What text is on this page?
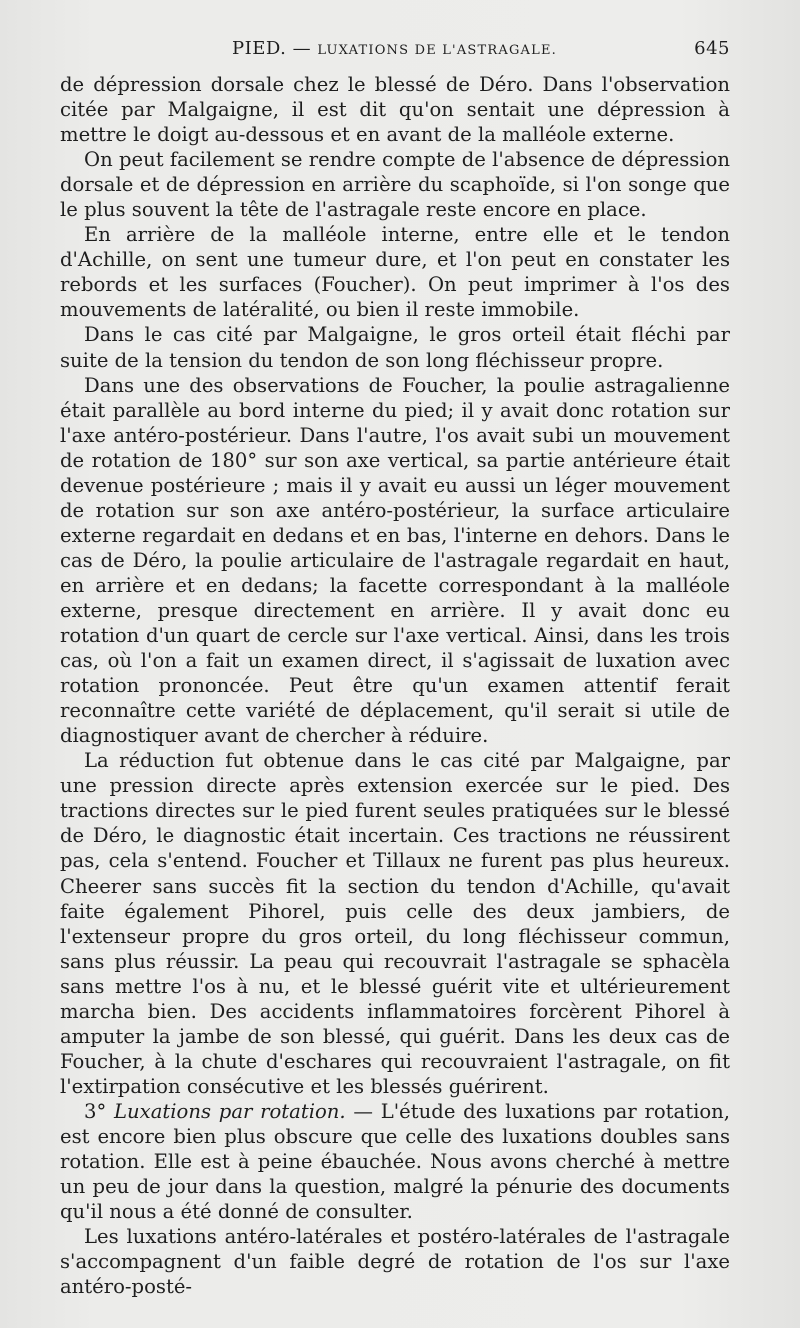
PIED. — LUXATIONS DE L'ASTRAGALE.	645

de dépression dorsale chez le blessé de Déro. Dans l'observation citée par Malgaigne, il est dit qu'on sentait une dépression à mettre le doigt au-dessous et en avant de la malléole externe.

On peut facilement se rendre compte de l'absence de dépression dorsale et de dépression en arrière du scaphoïde, si l'on songe que le plus souvent la tête de l'astragale reste encore en place.

En arrière de la malléole interne, entre elle et le tendon d'Achille, on sent une tumeur dure, et l'on peut en constater les rebords et les surfaces (Foucher). On peut imprimer à l'os des mouvements de latéralité, ou bien il reste immobile.

Dans le cas cité par Malgaigne, le gros orteil était fléchi par suite de la tension du tendon de son long fléchisseur propre.

Dans une des observations de Foucher, la poulie astragalienne était parallèle au bord interne du pied; il y avait donc rotation sur l'axe antéro-postérieur. Dans l'autre, l'os avait subi un mouvement de rotation de 180° sur son axe vertical, sa partie antérieure était devenue postérieure ; mais il y avait eu aussi un léger mouvement de rotation sur son axe antéro-postérieur, la surface articulaire externe regardait en dedans et en bas, l'interne en dehors. Dans le cas de Déro, la poulie articulaire de l'astragale regardait en haut, en arrière et en dedans; la facette correspondant à la malléole externe, presque directement en arrière. Il y avait donc eu rotation d'un quart de cercle sur l'axe vertical. Ainsi, dans les trois cas, où l'on a fait un examen direct, il s'agissait de luxation avec rotation prononcée. Peut être qu'un examen attentif ferait reconnaître cette variété de déplacement, qu'il serait si utile de diagnostiquer avant de chercher à réduire.

La réduction fut obtenue dans le cas cité par Malgaigne, par une pression directe après extension exercée sur le pied. Des tractions directes sur le pied furent seules pratiquées sur le blessé de Déro, le diagnostic était incertain. Ces tractions ne réussirent pas, cela s'entend. Foucher et Tillaux ne furent pas plus heureux. Cheerer sans succès fit la section du tendon d'Achille, qu'avait faite également Pihorel, puis celle des deux jambiers, de l'extenseur propre du gros orteil, du long fléchisseur commun, sans plus réussir. La peau qui recouvrait l'astragale se sphacèla sans mettre l'os à nu, et le blessé guérit vite et ultérieurement marcha bien. Des accidents inflammatoires forcèrent Pihorel à amputer la jambe de son blessé, qui guérit. Dans les deux cas de Foucher, à la chute d'eschares qui recouvraient l'astragale, on fit l'extirpation consécutive et les blessés guérirent.

3° Luxations par rotation. — L'étude des luxations par rotation, est encore bien plus obscure que celle des luxations doubles sans rotation. Elle est à peine ébauchée. Nous avons cherché à mettre un peu de jour dans la question, malgré la pénurie des documents qu'il nous a été donné de consulter.

Les luxations antéro-latérales et postéro-latérales de l'astragale s'accompagnent d'un faible degré de rotation de l'os sur l'axe antéro-posté-
